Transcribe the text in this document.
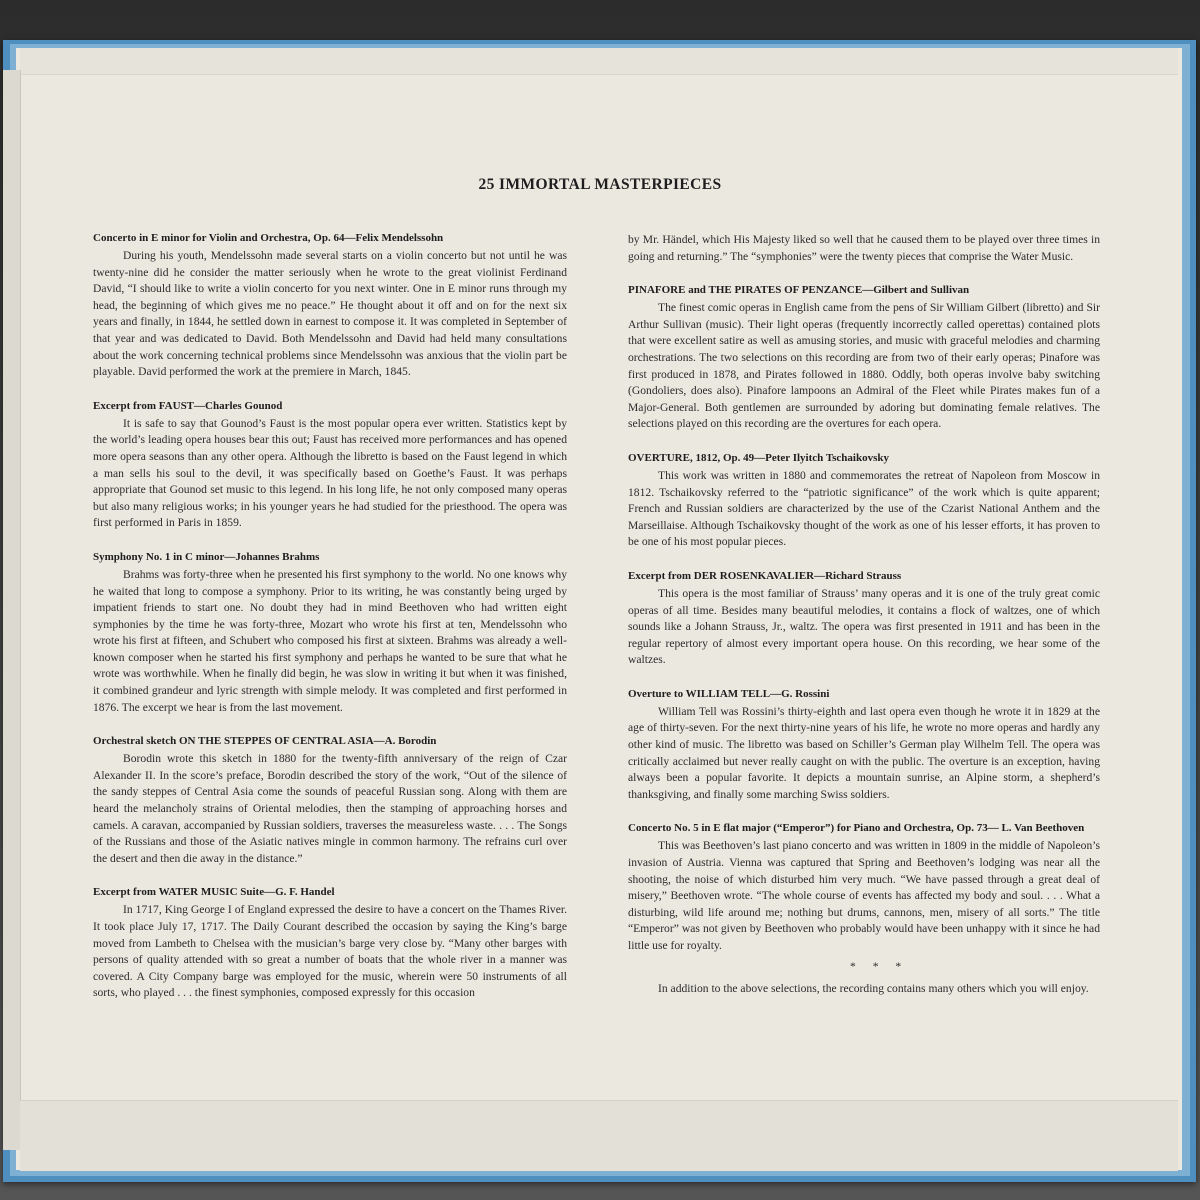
25 IMMORTAL MASTERPIECES
Concerto in E minor for Violin and Orchestra, Op. 64—Felix Mendelssohn

During his youth, Mendelssohn made several starts on a violin concerto but not until he was twenty-nine did he consider the matter seriously when he wrote to the great violinist Ferdinand David, “I should like to write a violin concerto for you next winter. One in E minor runs through my head, the beginning of which gives me no peace.” He thought about it off and on for the next six years and finally, in 1844, he settled down in earnest to compose it. It was completed in September of that year and was dedicated to David. Both Mendelssohn and David had held many consultations about the work concerning technical problems since Mendelssohn was anxious that the violin part be playable. David performed the work at the premiere in March, 1845.

Excerpt from FAUST—Charles Gounod

It is safe to say that Gounod’s Faust is the most popular opera ever written. Statistics kept by the world’s leading opera houses bear this out; Faust has received more performances and has opened more opera seasons than any other opera. Although the libretto is based on the Faust legend in which a man sells his soul to the devil, it was specifically based on Goethe’s Faust. It was perhaps appropriate that Gounod set music to this legend. In his long life, he not only composed many operas but also many religious works; in his younger years he had studied for the priesthood. The opera was first performed in Paris in 1859.

Symphony No. 1 in C minor—Johannes Brahms

Brahms was forty-three when he presented his first symphony to the world. No one knows why he waited that long to compose a symphony. Prior to its writing, he was constantly being urged by impatient friends to start one. No doubt they had in mind Beethoven who had written eight symphonies by the time he was forty-three, Mozart who wrote his first at ten, Mendelssohn who wrote his first at fifteen, and Schubert who composed his first at sixteen. Brahms was already a well-known composer when he started his first symphony and perhaps he wanted to be sure that what he wrote was worthwhile. When he finally did begin, he was slow in writing it but when it was finished, it combined grandeur and lyric strength with simple melody. It was completed and first performed in 1876. The excerpt we hear is from the last movement.

Orchestral sketch ON THE STEPPES OF CENTRAL ASIA—A. Borodin

Borodin wrote this sketch in 1880 for the twenty-fifth anniversary of the reign of Czar Alexander II. In the score’s preface, Borodin described the story of the work, “Out of the silence of the sandy steppes of Central Asia come the sounds of peaceful Russian song. Along with them are heard the melancholy strains of Oriental melodies, then the stamping of approaching horses and camels. A caravan, accompanied by Russian soldiers, traverses the measureless waste. . . . The Songs of the Russians and those of the Asiatic natives mingle in common harmony. The refrains curl over the desert and then die away in the distance.”

Excerpt from WATER MUSIC Suite—G. F. Handel

In 1717, King George I of England expressed the desire to have a concert on the Thames River. It took place July 17, 1717. The Daily Courant described the occasion by saying the King’s barge moved from Lambeth to Chelsea with the musician’s barge very close by. “Many other barges with persons of quality attended with so great a number of boats that the whole river in a manner was covered. A City Company barge was employed for the music, wherein were 50 instruments of all sorts, who played . . . the finest symphonies, composed expressly for this occasion

by Mr. Händel, which His Majesty liked so well that he caused them to be played over three times in going and returning.” The “symphonies” were the twenty pieces that comprise the Water Music.

PINAFORE and THE PIRATES OF PENZANCE—Gilbert and Sullivan

The finest comic operas in English came from the pens of Sir William Gilbert (libretto) and Sir Arthur Sullivan (music). Their light operas (frequently incorrectly called operettas) contained plots that were excellent satire as well as amusing stories, and music with graceful melodies and charming orchestrations. The two selections on this recording are from two of their early operas; Pinafore was first produced in 1878, and Pirates followed in 1880. Oddly, both operas involve baby switching (Gondoliers, does also). Pinafore lampoons an Admiral of the Fleet while Pirates makes fun of a Major-General. Both gentlemen are surrounded by adoring but dominating female relatives. The selections played on this recording are the overtures for each opera.

OVERTURE, 1812, Op. 49—Peter Ilyitch Tschaikovsky

This work was written in 1880 and commemorates the retreat of Napoleon from Moscow in 1812. Tschaikovsky referred to the “patriotic significance” of the work which is quite apparent; French and Russian soldiers are characterized by the use of the Czarist National Anthem and the Marseillaise. Although Tschaikovsky thought of the work as one of his lesser efforts, it has proven to be one of his most popular pieces.

Excerpt from DER ROSENKAVALIER—Richard Strauss

This opera is the most familiar of Strauss’ many operas and it is one of the truly great comic operas of all time. Besides many beautiful melodies, it contains a flock of waltzes, one of which sounds like a Johann Strauss, Jr., waltz. The opera was first presented in 1911 and has been in the regular repertory of almost every important opera house. On this recording, we hear some of the waltzes.

Overture to WILLIAM TELL—G. Rossini

William Tell was Rossini’s thirty-eighth and last opera even though he wrote it in 1829 at the age of thirty-seven. For the next thirty-nine years of his life, he wrote no more operas and hardly any other kind of music. The libretto was based on Schiller’s German play Wilhelm Tell. The opera was critically acclaimed but never really caught on with the public. The overture is an exception, having always been a popular favorite. It depicts a mountain sunrise, an Alpine storm, a shepherd’s thanksgiving, and finally some marching Swiss soldiers.

Concerto No. 5 in E flat major (“Emperor”) for Piano and Orchestra, Op. 73— L. Van Beethoven

This was Beethoven’s last piano concerto and was written in 1809 in the middle of Napoleon’s invasion of Austria. Vienna was captured that Spring and Beethoven’s lodging was near all the shooting, the noise of which disturbed him very much. “We have passed through a great deal of misery,” Beethoven wrote. “The whole course of events has affected my body and soul. . . . What a disturbing, wild life around me; nothing but drums, cannons, men, misery of all sorts.” The title “Emperor” was not given by Beethoven who probably would have been unhappy with it since he had little use for royalty.

* * *

In addition to the above selections, the recording contains many others which you will enjoy.
